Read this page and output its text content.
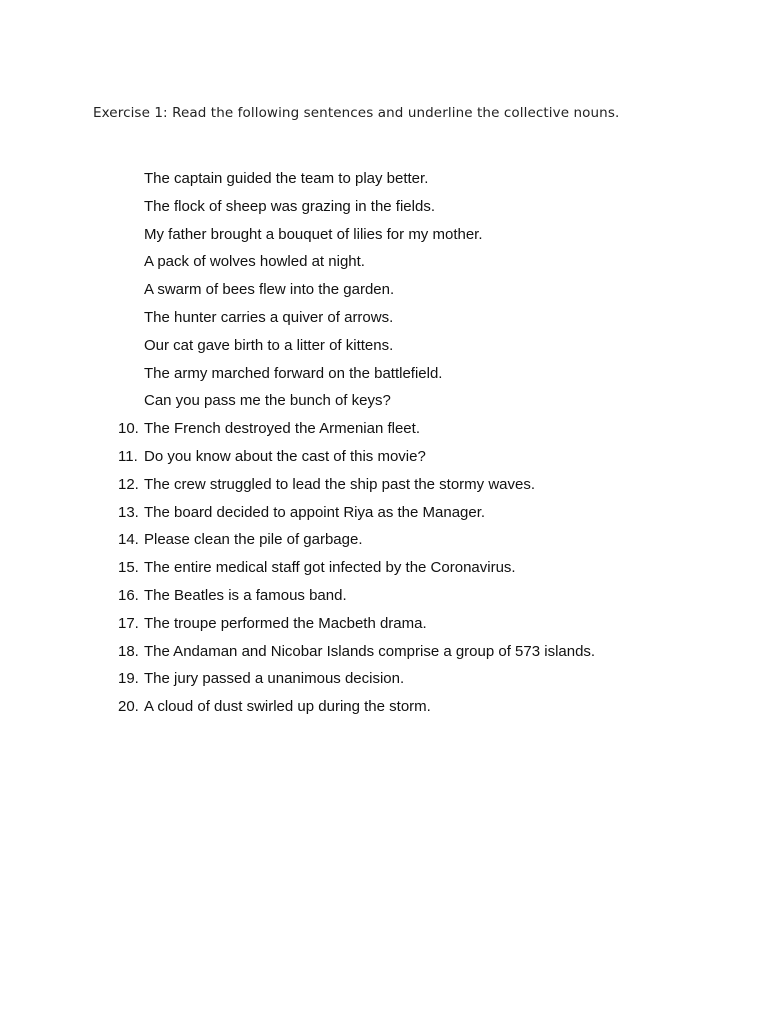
Exercise 1: Read the following sentences and underline the collective nouns.
The captain guided the team to play better.
The flock of sheep was grazing in the fields.
My father brought a bouquet of lilies for my mother.
A pack of wolves howled at night.
A swarm of bees flew into the garden.
The hunter carries a quiver of arrows.
Our cat gave birth to a litter of kittens.
The army marched forward on the battlefield.
Can you pass me the bunch of keys?
10. The French destroyed the Armenian fleet.
11. Do you know about the cast of this movie?
12. The crew struggled to lead the ship past the stormy waves.
13. The board decided to appoint Riya as the Manager.
14. Please clean the pile of garbage.
15. The entire medical staff got infected by the Coronavirus.
16. The Beatles is a famous band.
17. The troupe performed the Macbeth drama.
18. The Andaman and Nicobar Islands comprise a group of 573 islands.
19. The jury passed a unanimous decision.
20. A cloud of dust swirled up during the storm.
